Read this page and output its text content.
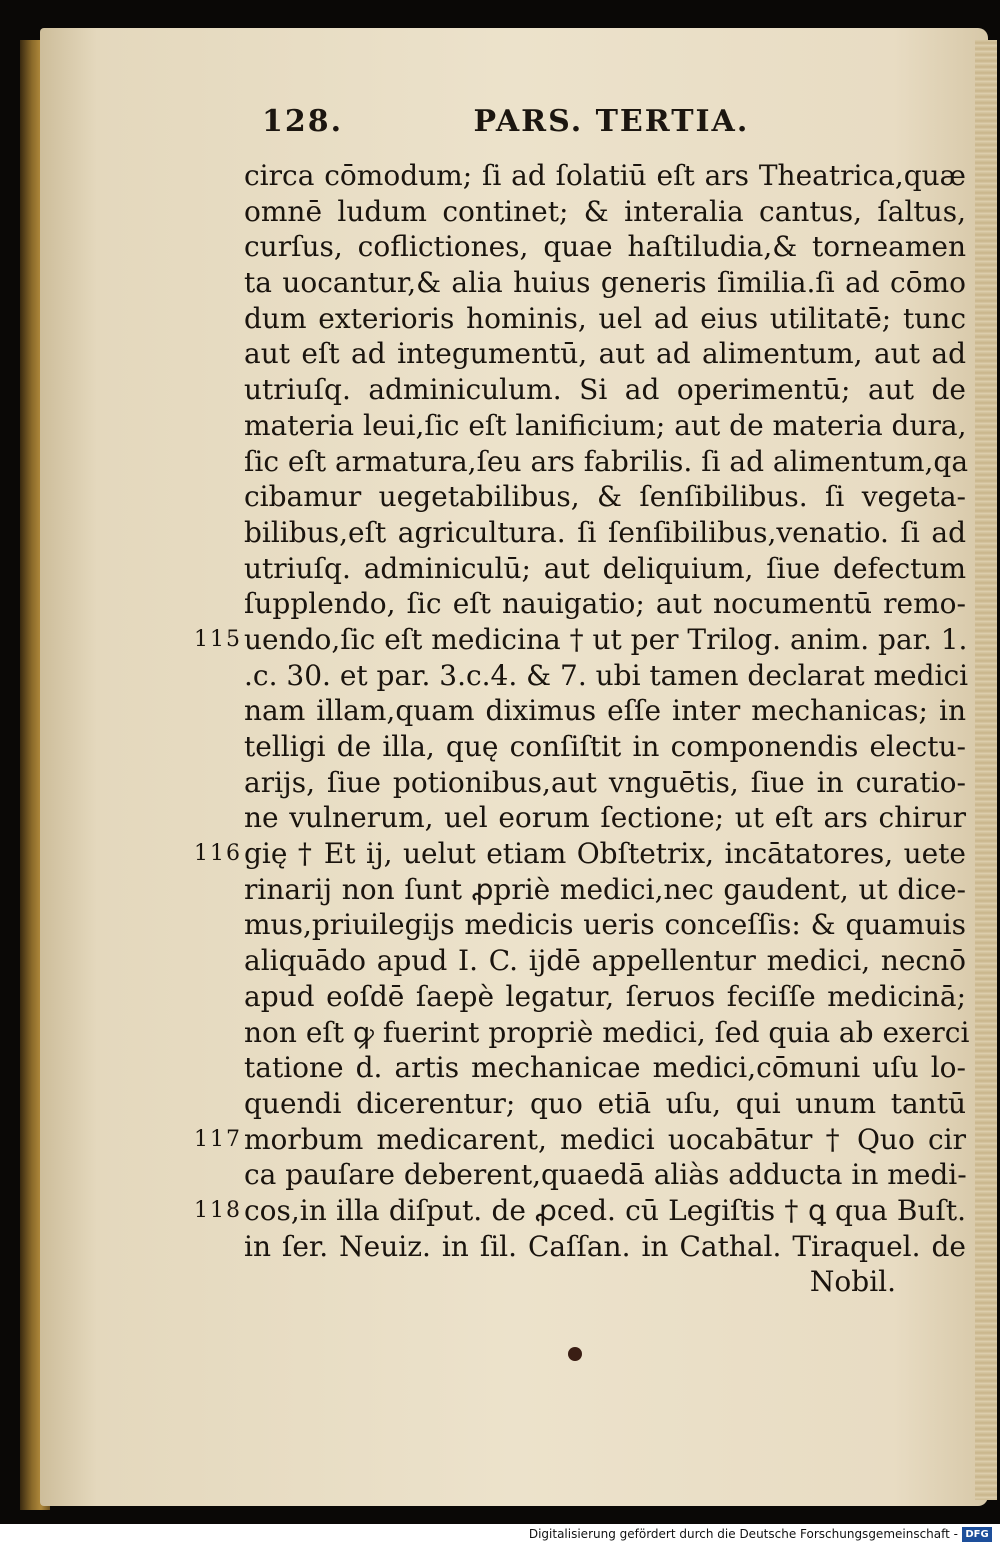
128.	PARS. TERTIA.
circa cōmodum; ſi ad ſolatiū eſt ars Theatrica,quæ
omnē ludum continet; & interalia cantus, ſaltus,
curſus, coflictiones, quae haſtiludia,& torneamen
ta uocantur,& alia huius generis ſimilia.ſi ad cōmo
dum exterioris hominis, uel ad eius utilitatē; tunc
aut eſt ad integumentū, aut ad alimentum, aut ad
utriuſq. adminiculum. Si ad operimentū; aut de
materia leui,ſic eſt lanificium; aut de materia dura,
ſic eſt armatura,ſeu ars fabrilis. ſi ad alimentum,qa
cibamur uegetabilibus, & ſenſibilibus. ſi vegeta-
bilibus,eſt agricultura. ſi ſenſibilibus,venatio. ſi ad
utriuſq. adminiculū; aut deliquium, ſiue defectum
ſupplendo, ſic eſt nauigatio; aut nocumentū remo-
115 uendo,ſic eſt medicina † ut per Trilog. anim. par. 1.
.c. 30. et par. 3.c.4. & 7. ubi tamen declarat medici
nam illam,quam diximus eſſe inter mechanicas; in
telligi de illa, quę conſiſtit in componendis electu-
arijs, ſiue potionibus,aut vnguētis, ſiue in curatio-
ne vulnerum, uel eorum ſectione; ut eſt ars chirur
116 gię † Et ij, uelut etiam Obſtetrix, incātatores, uete
rinarij non ſunt ꝓpriè medici,nec gaudent, ut dice-
mus,priuilegijs medicis ueris conceſſis: & quamuis
aliquādo apud I. C. ijdē appellentur medici, necnō
apud eoſdē ſaepè legatur, ſeruos feciſſe medicinā;
non eſt ꝙ fuerint propriè medici, ſed quia ab exerci
tatione d. artis mechanicae medici,cōmuni uſu lo-
quendi dicerentur; quo etiā uſu, qui unum tantū
117 morbum medicarent, medici uocabātur † Quo cir
ca pauſare deberent,quaedā aliàs adducta in medi-
118 cos,in illa diſput. de ꝓced. cū Legiſtis † ꝗ qua Buſt.
in ſer. Neuiz. in ſil. Caſſan. in Cathal. Tiraquel. de
Nobil.
Digitalisierung gefördert durch die Deutsche Forschungsgemeinschaft - DFG
